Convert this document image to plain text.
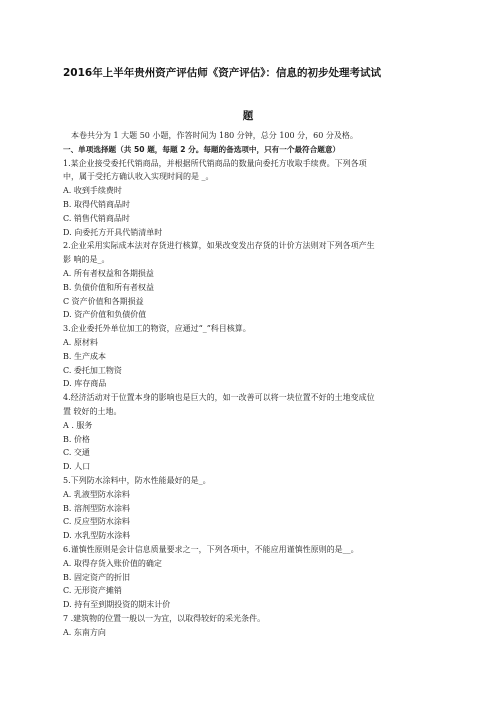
2016年上半年贵州资产评估师《资产评估》：信息的初步处理考试试
题

本卷共分为 1 大题 50 小题，作答时间为 180 分钟，总分 100 分，60 分及格。

一、单项选择题（共 50 题，每题 2 分。每题的备选项中，只有一个最符合题意）

1.某企业接受委托代销商品，并根据所代销商品的数量向委托方收取手续费。下列各项

中，属于受托方确认收入实现时间的是 _。

A. 收到手续费时

B. 取得代销商品时

C. 销售代销商品时

D. 向委托方开具代销清单时

2.企业采用实际成本法对存货进行核算，如果改变发出存货的计价方法则对下列各项产生

影 响的是_。

A. 所有者权益和各期损益

B. 负债价值和所有者权益

C 资产价值和各期损益

D. 资产价值和负债价值

3.企业委托外单位加工的物资，应通过“_”科目核算。

A. 原材料

B. 生产成本

C. 委托加工物资

D. 库存商品

4.经济活动对于位置本身的影响也是巨大的，如一改善可以将一块位置不好的土地变成位

置 较好的土地。

A . 服务

B. 价格

C. 交通

D. 人口

5.下列防水涂料中，防水性能最好的是_。

A. 乳液型防水涂料

B. 溶剂型防水涂料

C. 反应型防水涂料

D. 水乳型防水涂料

6.谨慎性原则是会计信息质量要求之一，下列各项中，不能应用谨慎性原则的是__。

A. 取得存货入账价值的确定

B. 固定资产的折旧

C. 无形资产摊销

D. 持有至到期投资的期末计价

7 .建筑物的位置一般以一为宜，以取得较好的采光条件。

A. 东南方向
